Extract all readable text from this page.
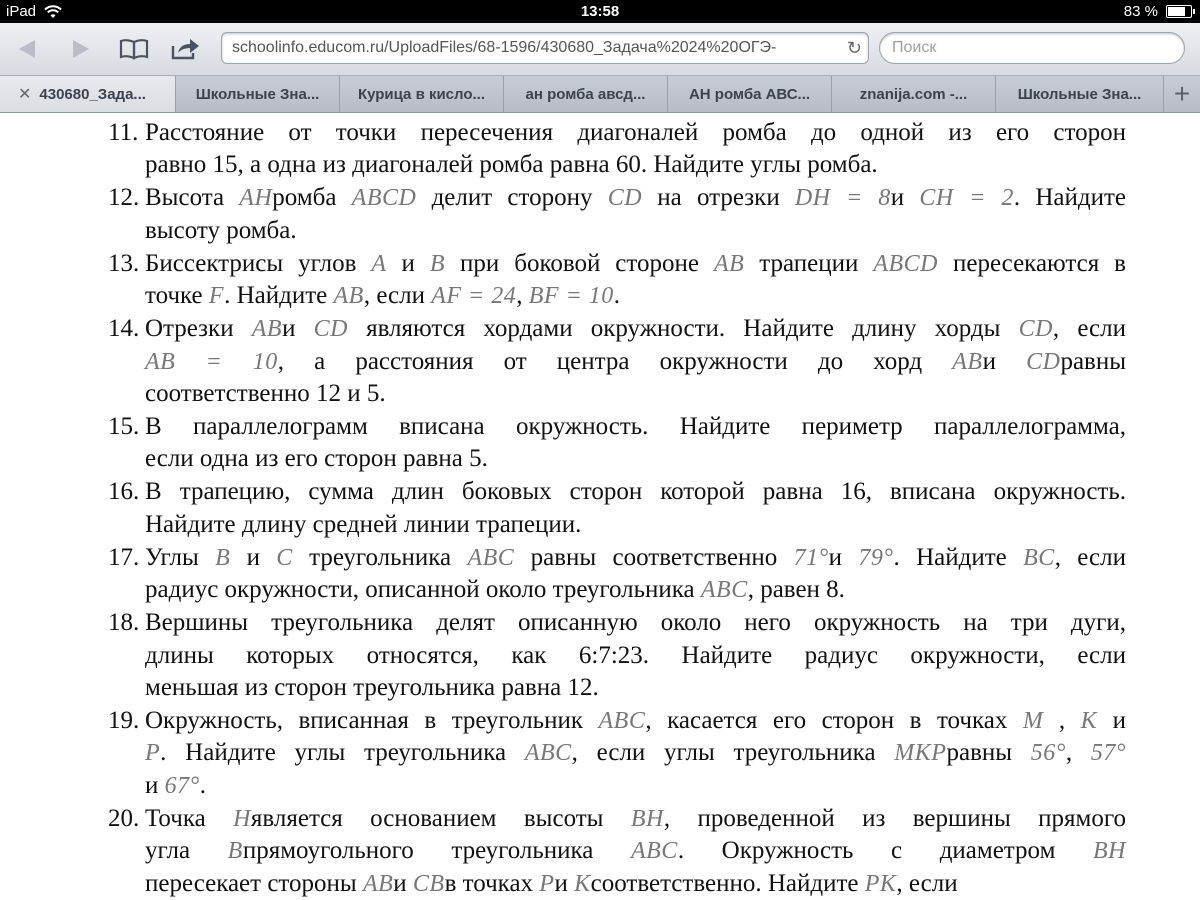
iPad	13:58	83 %
schoolinfo.educom.ru/UploadFiles/68-1596/430680_Задача%2024%20ОГЭ-	↻ Поиск
✕ 430680_Зада...	Школьные Зна...	Курица в кисло...	ан ромба авсд...	АН ромба АВС...	znanija.com -...	Школьные Зна... +
11. Расстояние от точки пересечения диагоналей ромба до одной из его сторон
равно 15, а одна из диагоналей ромба равна 60. Найдите углы ромба.
12. Высота AHромба ABCD делит сторону CD на отрезки DH = 8и CH = 2. Найдите
высоту ромба.
13. Биссектрисы углов A и B при боковой стороне AB трапеции ABCD пересекаются в
точке F. Найдите AB, если AF = 24, BF = 10.
14. Отрезки ABи CD являются хордами окружности. Найдите длину хорды CD, если
AB = 10, а расстояния от центра окружности до хорд ABи CDравны
соответственно 12 и 5.
15. В параллелограмм вписана окружность. Найдите периметр параллелограмма,
если одна из его сторон равна 5.
16. В трапецию, сумма длин боковых сторон которой равна 16, вписана окружность.
Найдите длину средней линии трапеции.
17. Углы B и C треугольника ABC равны соответственно 71°и 79°. Найдите BC, если
радиус окружности, описанной около треугольника ABC, равен 8.
18. Вершины треугольника делят описанную около него окружность на три дуги,
длины которых относятся, как 6:7:23. Найдите радиус окружности, если
меньшая из сторон треугольника равна 12.
19. Окружность, вписанная в треугольник ABC, касается его сторон в точках M , K и
P. Найдите углы треугольника ABC, если углы треугольника MKPравны 56°, 57°
и 67°.
20. Точка Hявляется основанием высоты BH, проведенной из вершины прямого
угла Bпрямоугольного треугольника ABC. Окружность с диаметром BH
пересекает стороны ABи CBв точках Pи Kсоответственно. Найдите PK, если
